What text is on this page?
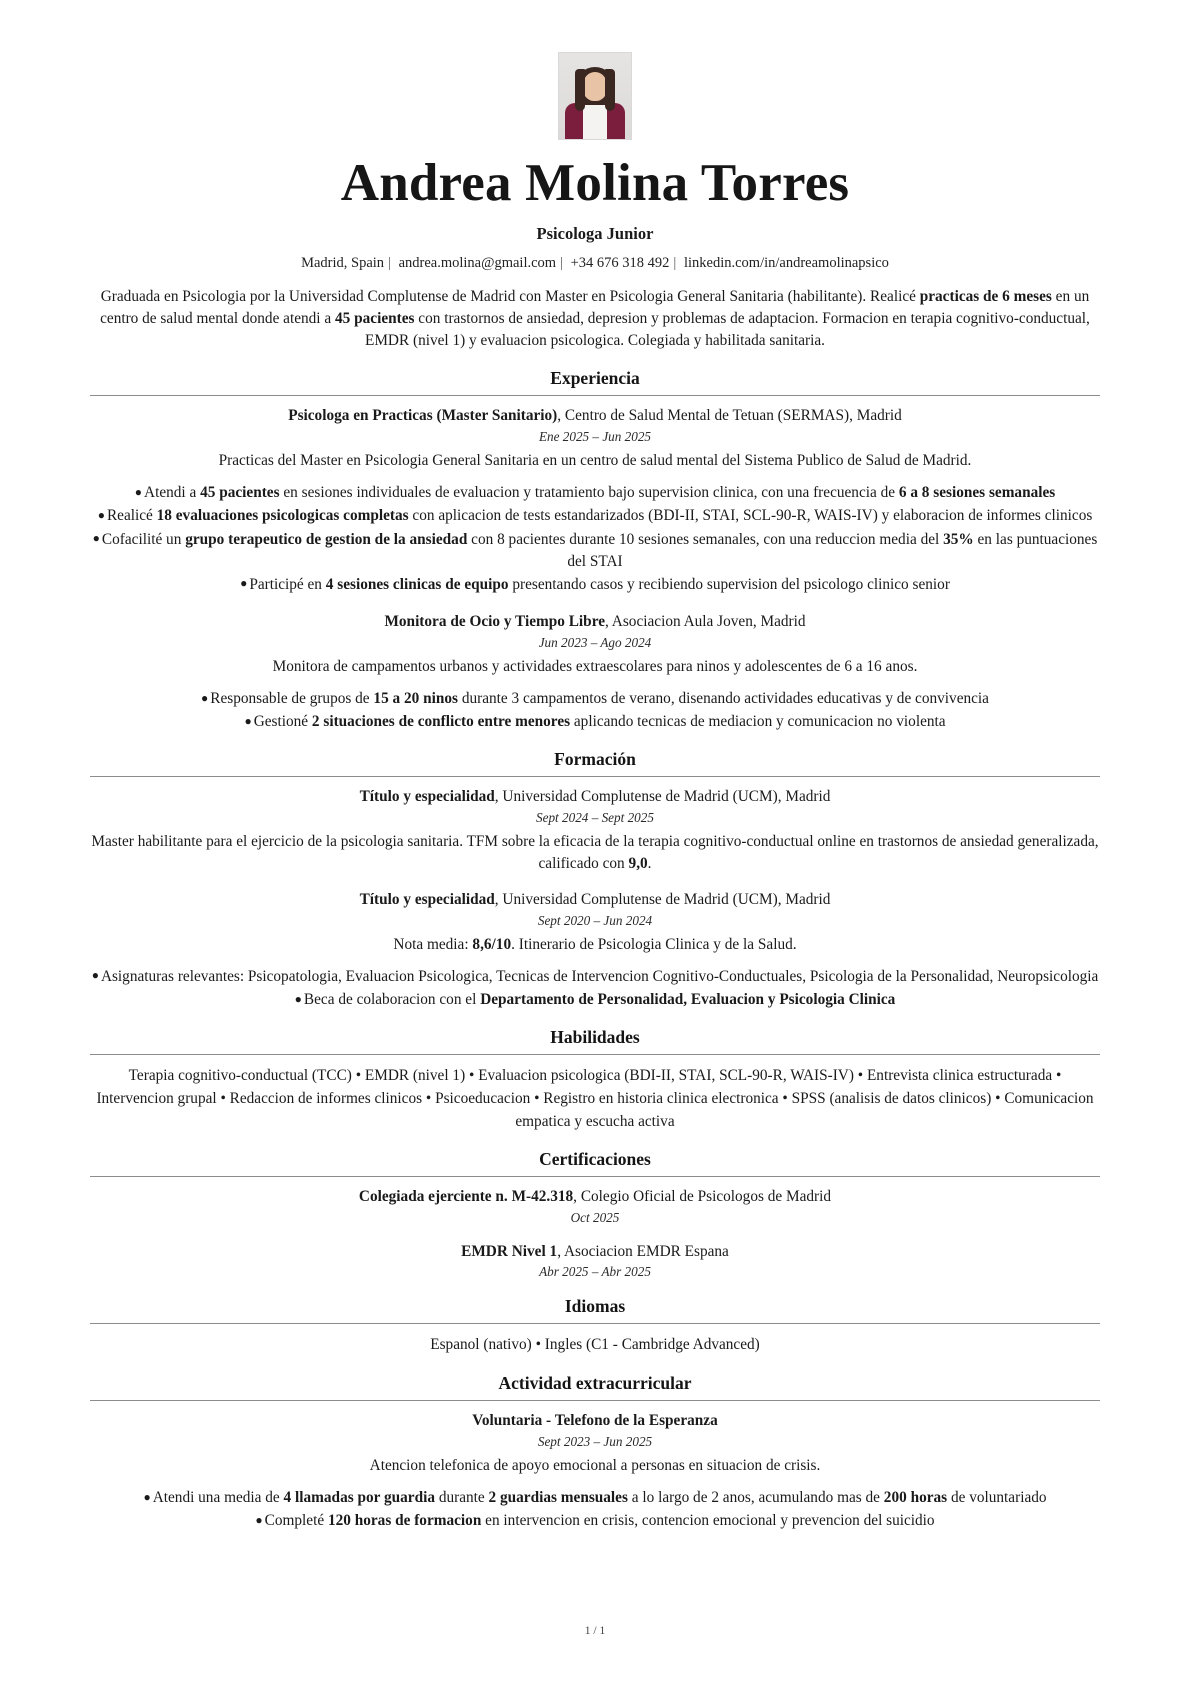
Andrea Molina Torres
Psicologa Junior
Madrid, Spain | andrea.molina@gmail.com | +34 676 318 492 | linkedin.com/in/andreamolinapsico
Graduada en Psicologia por la Universidad Complutense de Madrid con Master en Psicologia General Sanitaria (habilitante). Realicé practicas de 6 meses en un centro de salud mental donde atendi a 45 pacientes con trastornos de ansiedad, depresion y problemas de adaptacion. Formacion en terapia cognitivo-conductual, EMDR (nivel 1) y evaluacion psicologica. Colegiada y habilitada sanitaria.
Experiencia
Psicologa en Practicas (Master Sanitario), Centro de Salud Mental de Tetuan (SERMAS), Madrid
Ene 2025 – Jun 2025
Practicas del Master en Psicologia General Sanitaria en un centro de salud mental del Sistema Publico de Salud de Madrid.
● Atendi a 45 pacientes en sesiones individuales de evaluacion y tratamiento bajo supervision clinica, con una frecuencia de 6 a 8 sesiones semanales
● Realicé 18 evaluaciones psicologicas completas con aplicacion de tests estandarizados (BDI-II, STAI, SCL-90-R, WAIS-IV) y elaboracion de informes clinicos
● Cofacilité un grupo terapeutico de gestion de la ansiedad con 8 pacientes durante 10 sesiones semanales, con una reduccion media del 35% en las puntuaciones del STAI
● Participé en 4 sesiones clinicas de equipo presentando casos y recibiendo supervision del psicologo clinico senior
Monitora de Ocio y Tiempo Libre, Asociacion Aula Joven, Madrid
Jun 2023 – Ago 2024
Monitora de campamentos urbanos y actividades extraescolares para ninos y adolescentes de 6 a 16 anos.
● Responsable de grupos de 15 a 20 ninos durante 3 campamentos de verano, disenando actividades educativas y de convivencia
● Gestioné 2 situaciones de conflicto entre menores aplicando tecnicas de mediacion y comunicacion no violenta
Formación
Título y especialidad, Universidad Complutense de Madrid (UCM), Madrid
Sept 2024 – Sept 2025
Master habilitante para el ejercicio de la psicologia sanitaria. TFM sobre la eficacia de la terapia cognitivo-conductual online en trastornos de ansiedad generalizada, calificado con 9,0.
Título y especialidad, Universidad Complutense de Madrid (UCM), Madrid
Sept 2020 – Jun 2024
Nota media: 8,6/10. Itinerario de Psicologia Clinica y de la Salud.
● Asignaturas relevantes: Psicopatologia, Evaluacion Psicologica, Tecnicas de Intervencion Cognitivo-Conductuales, Psicologia de la Personalidad, Neuropsicologia
● Beca de colaboracion con el Departamento de Personalidad, Evaluacion y Psicologia Clinica
Habilidades
Terapia cognitivo-conductual (TCC) • EMDR (nivel 1) • Evaluacion psicologica (BDI-II, STAI, SCL-90-R, WAIS-IV) • Entrevista clinica estructurada • Intervencion grupal • Redaccion de informes clinicos • Psicoeducacion • Registro en historia clinica electronica • SPSS (analisis de datos clinicos) • Comunicacion empatica y escucha activa
Certificaciones
Colegiada ejerciente n. M-42.318, Colegio Oficial de Psicologos de Madrid
Oct 2025
EMDR Nivel 1, Asociacion EMDR Espana
Abr 2025 – Abr 2025
Idiomas
Espanol (nativo) • Ingles (C1 - Cambridge Advanced)
Actividad extracurricular
Voluntaria - Telefono de la Esperanza
Sept 2023 – Jun 2025
Atencion telefonica de apoyo emocional a personas en situacion de crisis.
● Atendi una media de 4 llamadas por guardia durante 2 guardias mensuales a lo largo de 2 anos, acumulando mas de 200 horas de voluntariado
● Completé 120 horas de formacion en intervencion en crisis, contencion emocional y prevencion del suicidio
1 / 1
